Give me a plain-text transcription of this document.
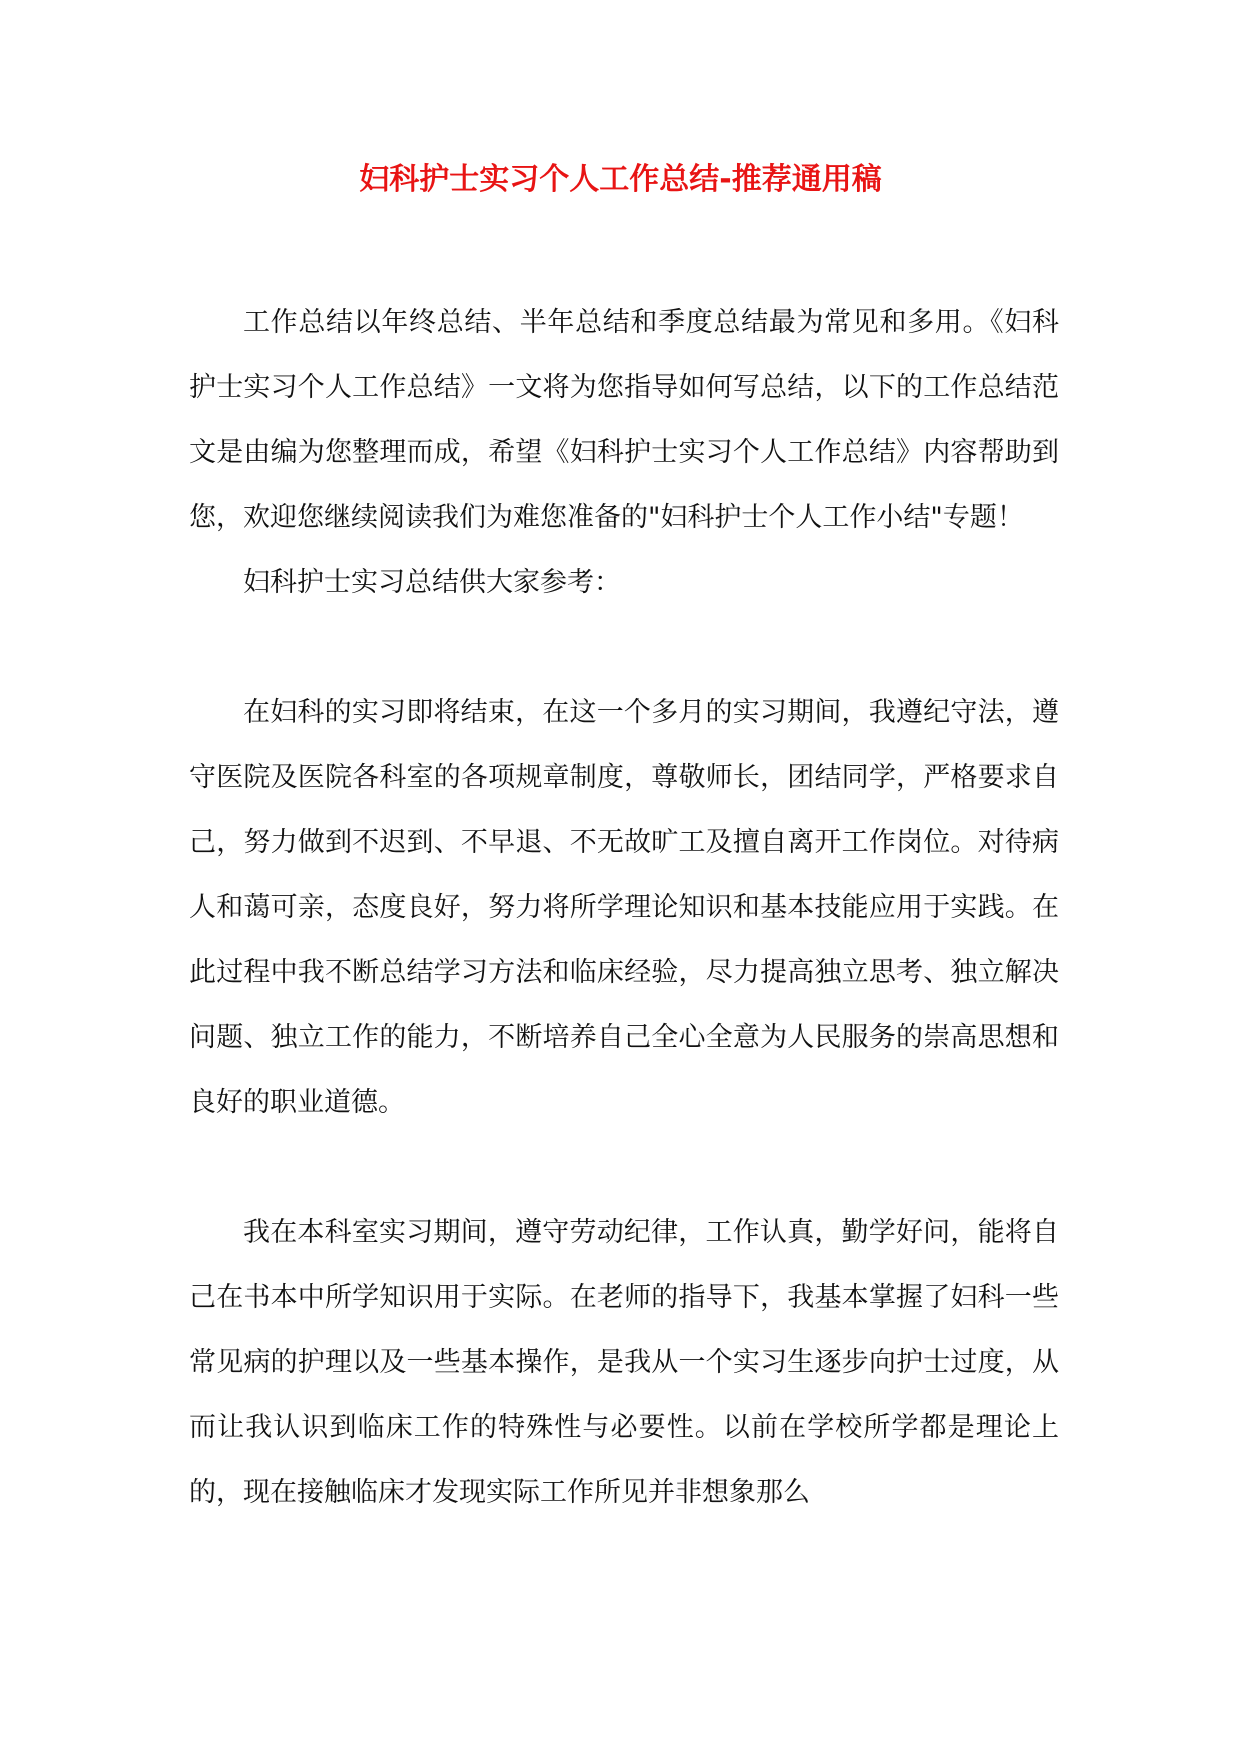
妇科护士实习个人工作总结-推荐通用稿

工作总结以年终总结、半年总结和季度总结最为常见和多用。《妇科护士实习个人工作总结》一文将为您指导如何写总结，以下的工作总结范文是由编为您整理而成，希望《妇科护士实习个人工作总结》内容帮助到您，欢迎您继续阅读我们为难您准备的"妇科护士个人工作小结"专题！

妇科护士实习总结供大家参考：

在妇科的实习即将结束，在这一个多月的实习期间，我遵纪守法，遵守医院及医院各科室的各项规章制度，尊敬师长，团结同学，严格要求自己，努力做到不迟到、不早退、不无故旷工及擅自离开工作岗位。对待病人和蔼可亲，态度良好，努力将所学理论知识和基本技能应用于实践。在此过程中我不断总结学习方法和临床经验，尽力提高独立思考、独立解决问题、独立工作的能力，不断培养自己全心全意为人民服务的崇高思想和良好的职业道德。

我在本科室实习期间，遵守劳动纪律，工作认真，勤学好问，能将自己在书本中所学知识用于实际。在老师的指导下，我基本掌握了妇科一些常见病的护理以及一些基本操作，是我从一个实习生逐步向护士过度，从而让我认识到临床工作的特殊性与必要性。以前在学校所学都是理论上的，现在接触临床才发现实际工作所见并非想象那么
